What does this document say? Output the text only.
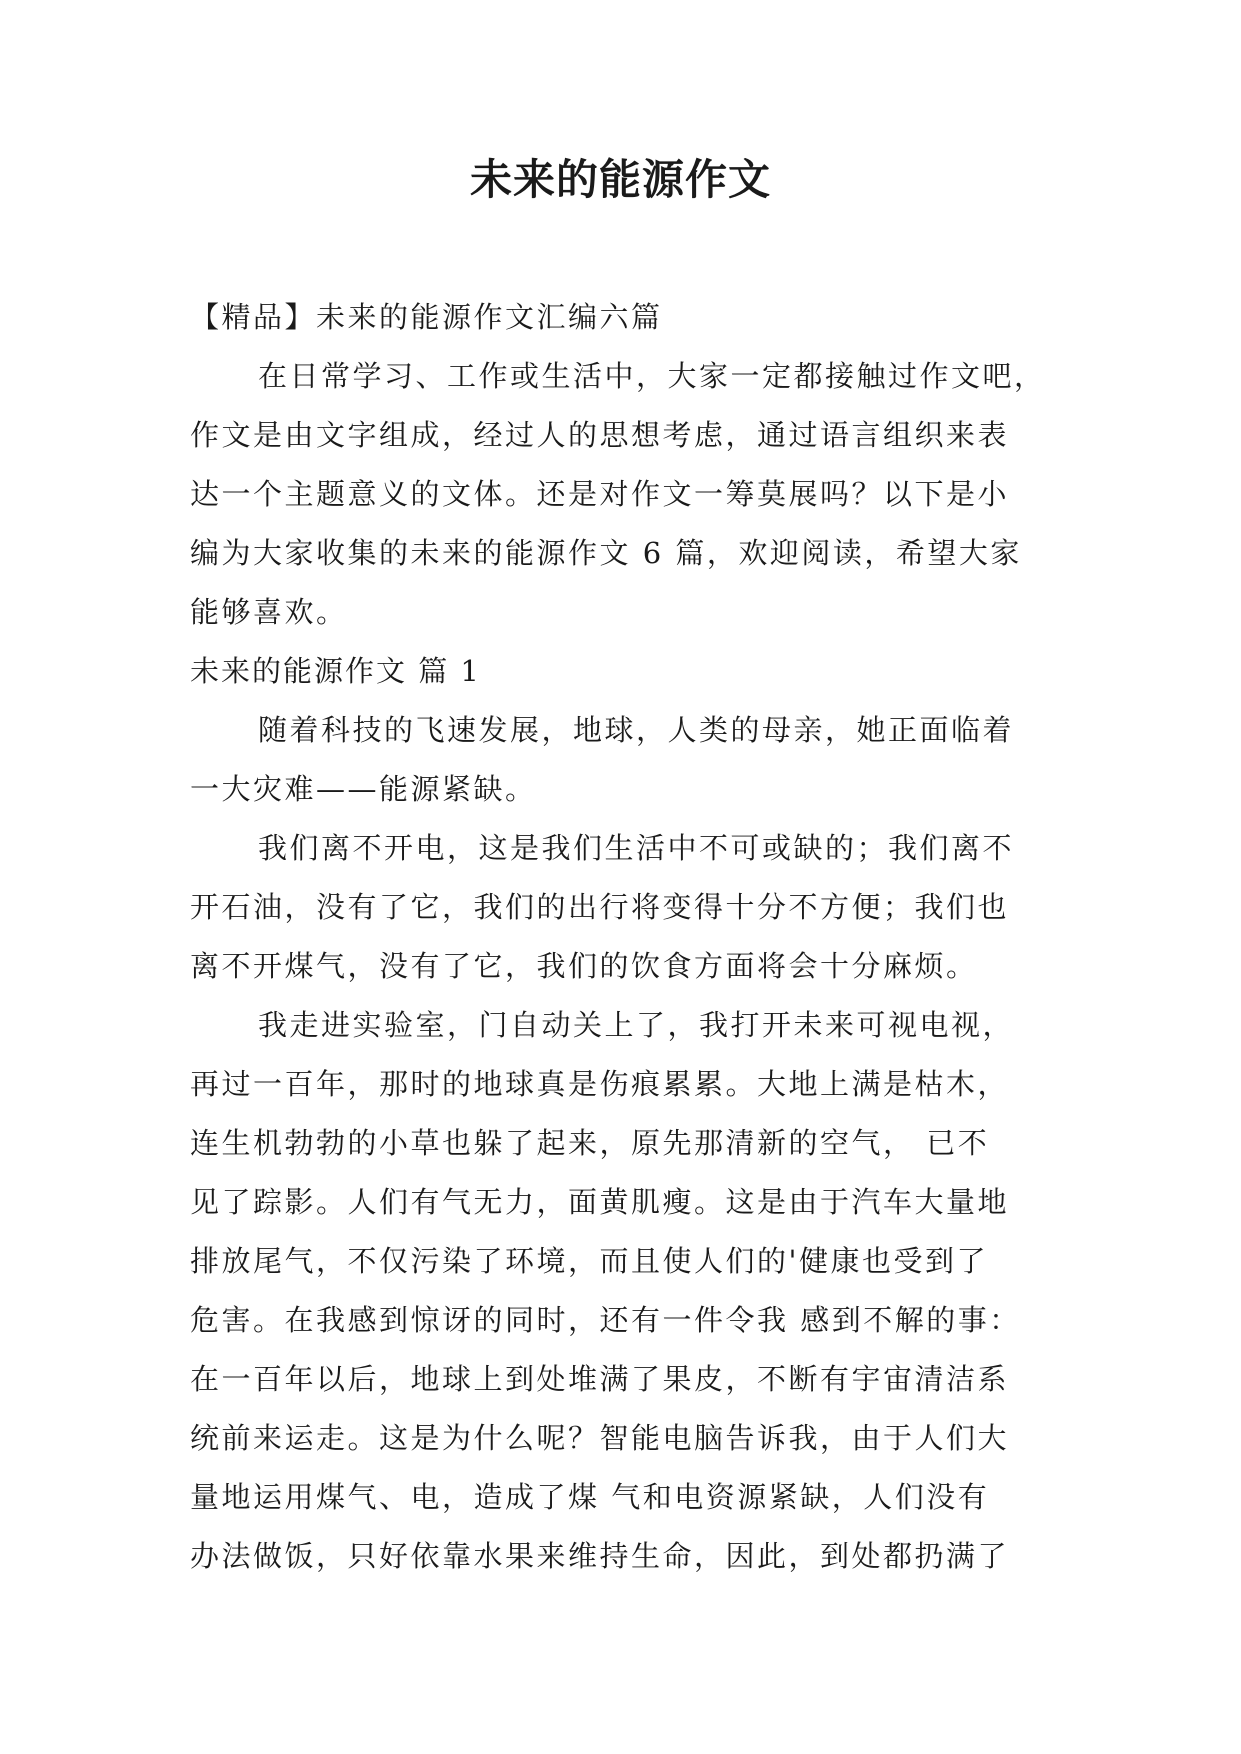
未来的能源作文
【精品】未来的能源作文汇编六篇
在日常学习、工作或生活中，大家一定都接触过作文吧，
作文是由文字组成，经过人的思想考虑，通过语言组织来表
达一个主题意义的文体。还是对作文一筹莫展吗？以下是小
编为大家收集的未来的能源作文 6 篇，欢迎阅读，希望大家
能够喜欢。
未来的能源作文 篇 1
随着科技的飞速发展，地球，人类的母亲，她正面临着
一大灾难——能源紧缺。
我们离不开电，这是我们生活中不可或缺的；我们离不
开石油，没有了它，我们的出行将变得十分不方便；我们也
离不开煤气，没有了它，我们的饮食方面将会十分麻烦。
我走进实验室，门自动关上了，我打开未来可视电视，
再过一百年，那时的地球真是伤痕累累。大地上满是枯木，
连生机勃勃的小草也躲了起来，原先那清新的空气， 已不
见了踪影。人们有气无力，面黄肌瘦。这是由于汽车大量地
排放尾气，不仅污染了环境，而且使人们的'健康也受到了
危害。在我感到惊讶的同时，还有一件令我 感到不解的事：
在一百年以后，地球上到处堆满了果皮，不断有宇宙清洁系
统前来运走。这是为什么呢？智能电脑告诉我，由于人们大
量地运用煤气、电，造成了煤 气和电资源紧缺，人们没有
办法做饭，只好依靠水果来维持生命，因此，到处都扔满了
